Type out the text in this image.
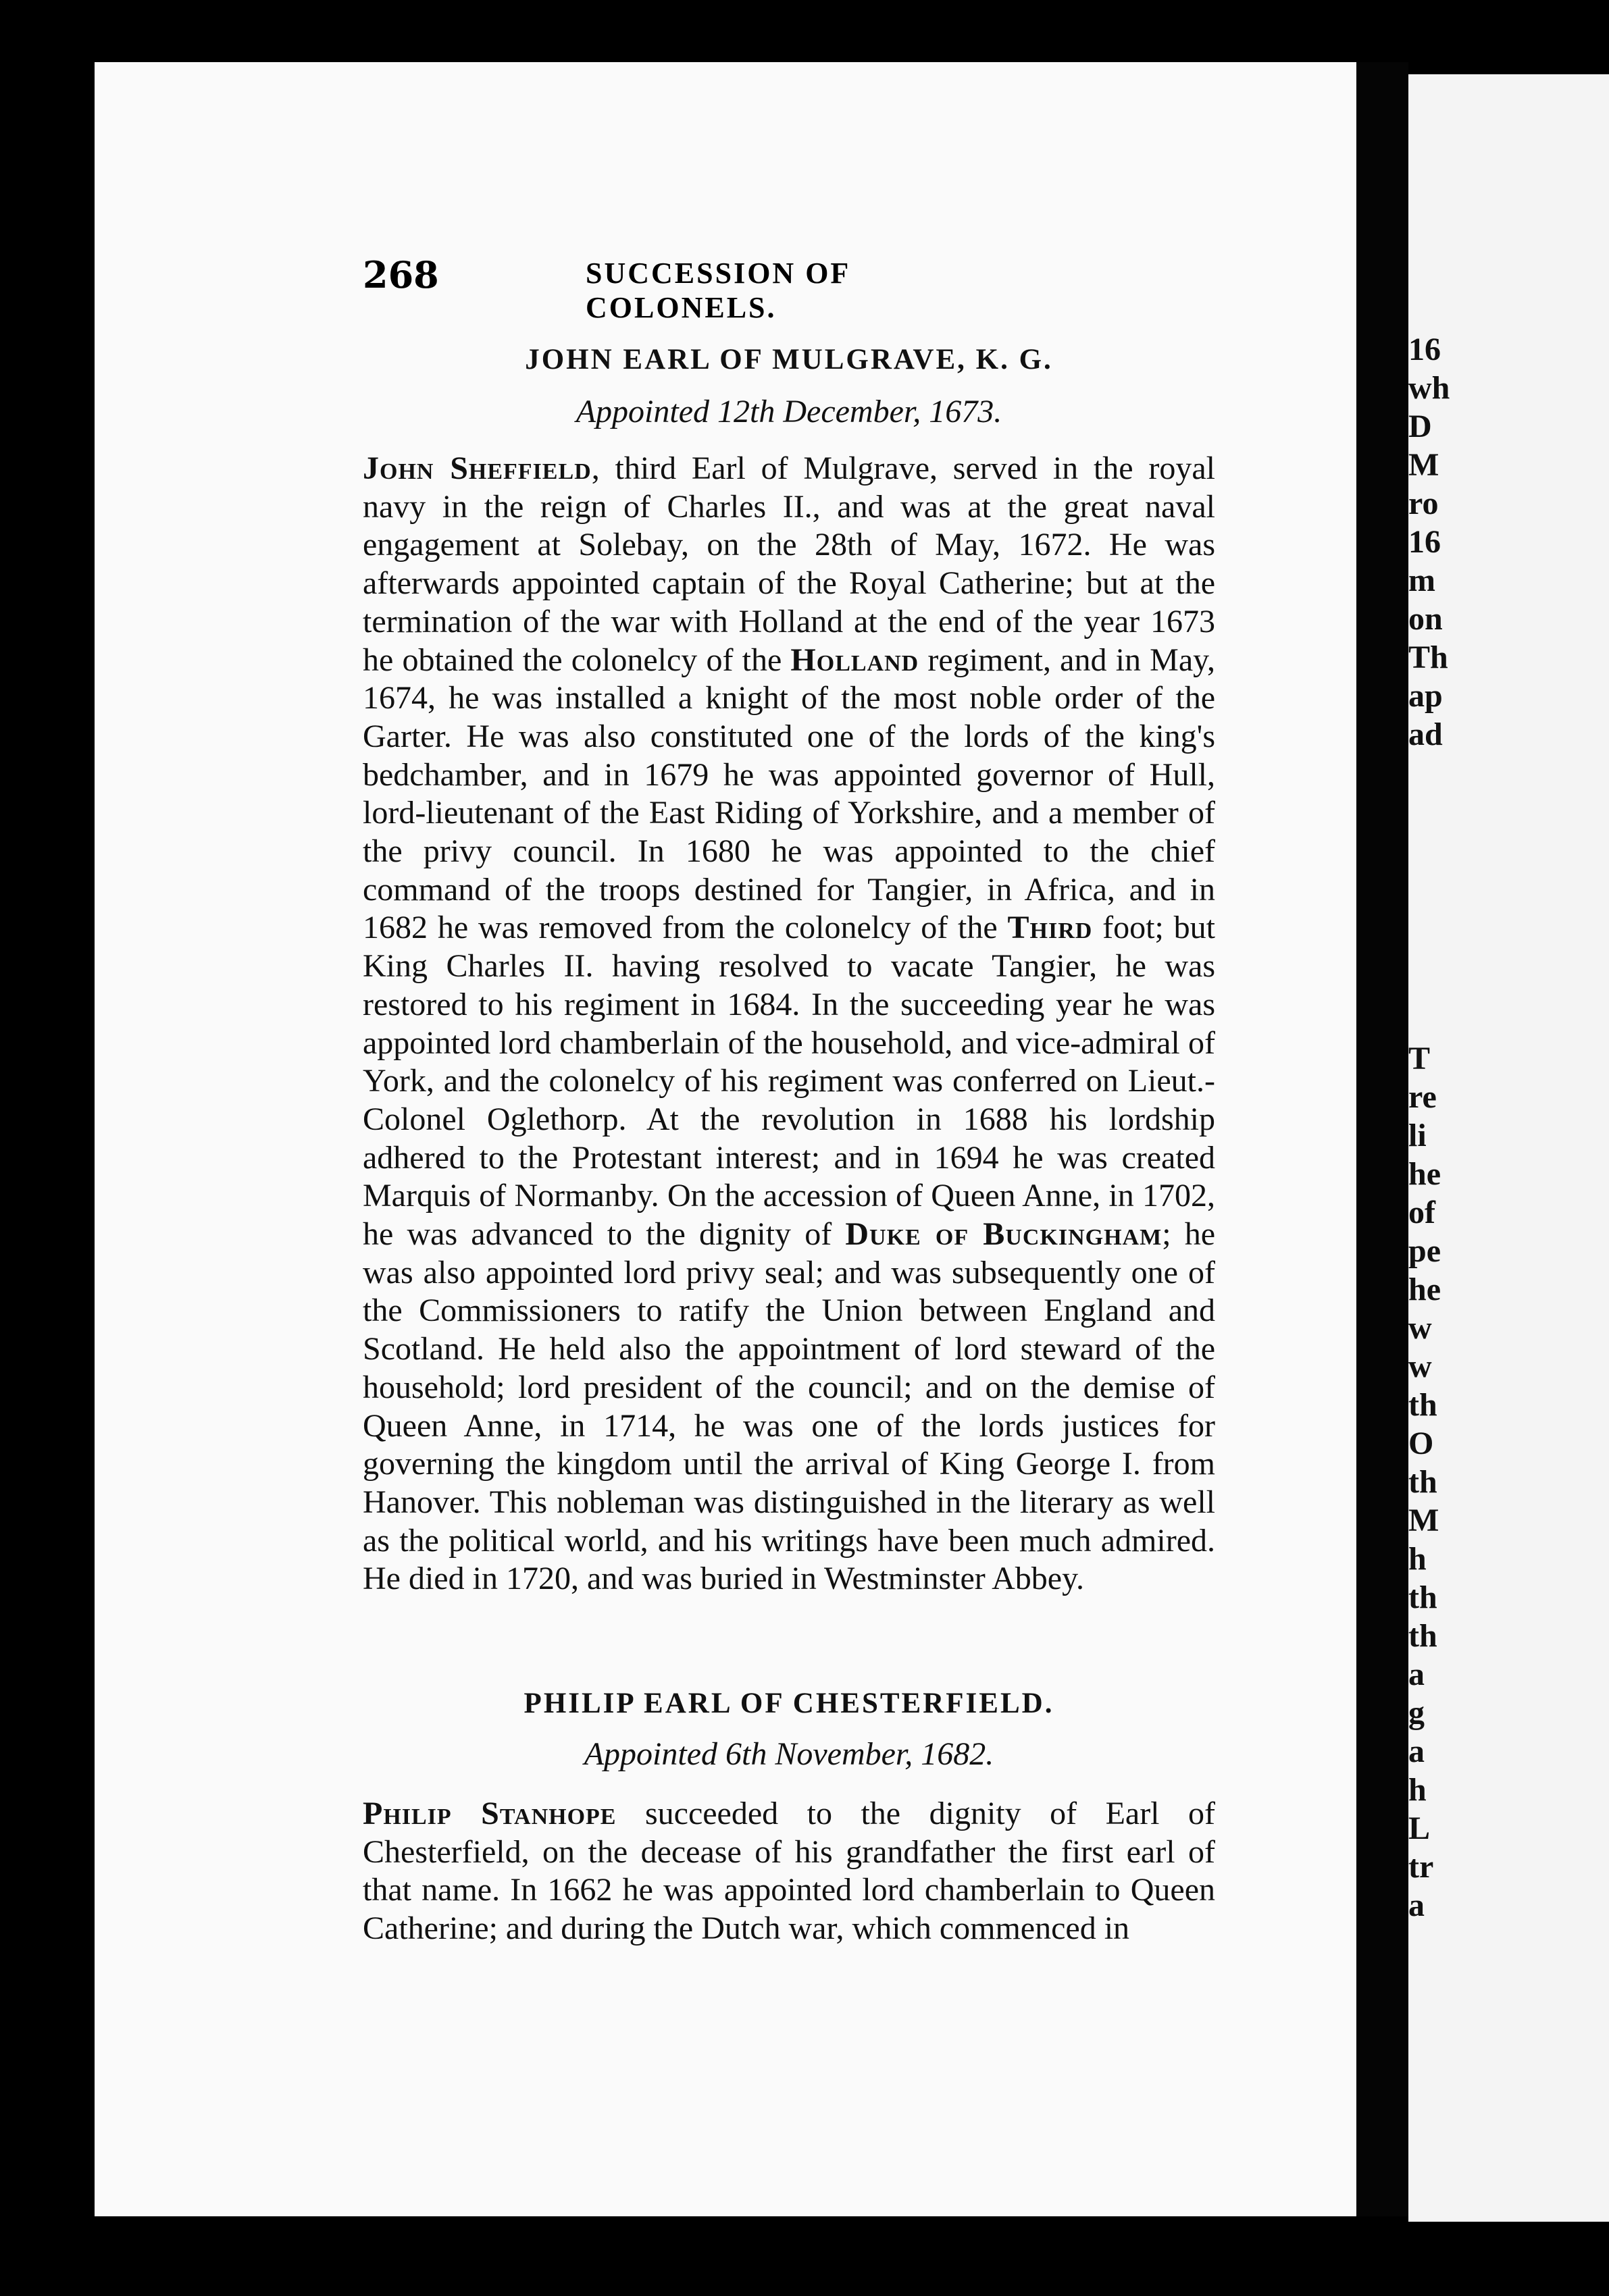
16
wh
D
M
ro
16
m
on
Th
ap
ad
T
re
li
he
of
pe
he
w
w
th
O
th
M
h
th
th
a
g
a
h
L
tr
a
268	SUCCESSION OF COLONELS.
JOHN EARL OF MULGRAVE, K. G.
Appointed 12th December, 1673.

John Sheffield, third Earl of Mulgrave, served in the royal navy in the reign of Charles II., and was at the great naval engagement at Solebay, on the 28th of May, 1672. He was afterwards appointed captain of the Royal Catherine; but at the termination of the war with Holland at the end of the year 1673 he obtained the colonelcy of the Holland regiment, and in May, 1674, he was installed a knight of the most noble order of the Garter. He was also constituted one of the lords of the king's bedchamber, and in 1679 he was appointed governor of Hull, lord-lieutenant of the East Riding of Yorkshire, and a member of the privy council. In 1680 he was appointed to the chief command of the troops destined for Tangier, in Africa, and in 1682 he was removed from the colonelcy of the Third foot; but King Charles II. having resolved to vacate Tangier, he was restored to his regiment in 1684. In the succeeding year he was appointed lord chamberlain of the household, and vice-admiral of York, and the colonelcy of his regiment was conferred on Lieut.-Colonel Oglethorp. At the revolution in 1688 his lordship adhered to the Protestant interest; and in 1694 he was created Marquis of Normanby. On the accession of Queen Anne, in 1702, he was advanced to the dignity of Duke of Buckingham; he was also appointed lord privy seal; and was subsequently one of the Commissioners to ratify the Union between England and Scotland. He held also the appointment of lord steward of the household; lord president of the council; and on the demise of Queen Anne, in 1714, he was one of the lords justices for governing the kingdom until the arrival of King George I. from Hanover. This nobleman was distinguished in the literary as well as the political world, and his writings have been much admired. He died in 1720, and was buried in Westminster Abbey.

PHILIP EARL OF CHESTERFIELD.
Appointed 6th November, 1682.

Philip Stanhope succeeded to the dignity of Earl of Chesterfield, on the decease of his grandfather the first earl of that name. In 1662 he was appointed lord chamberlain to Queen Catherine; and during the Dutch war, which commenced in
